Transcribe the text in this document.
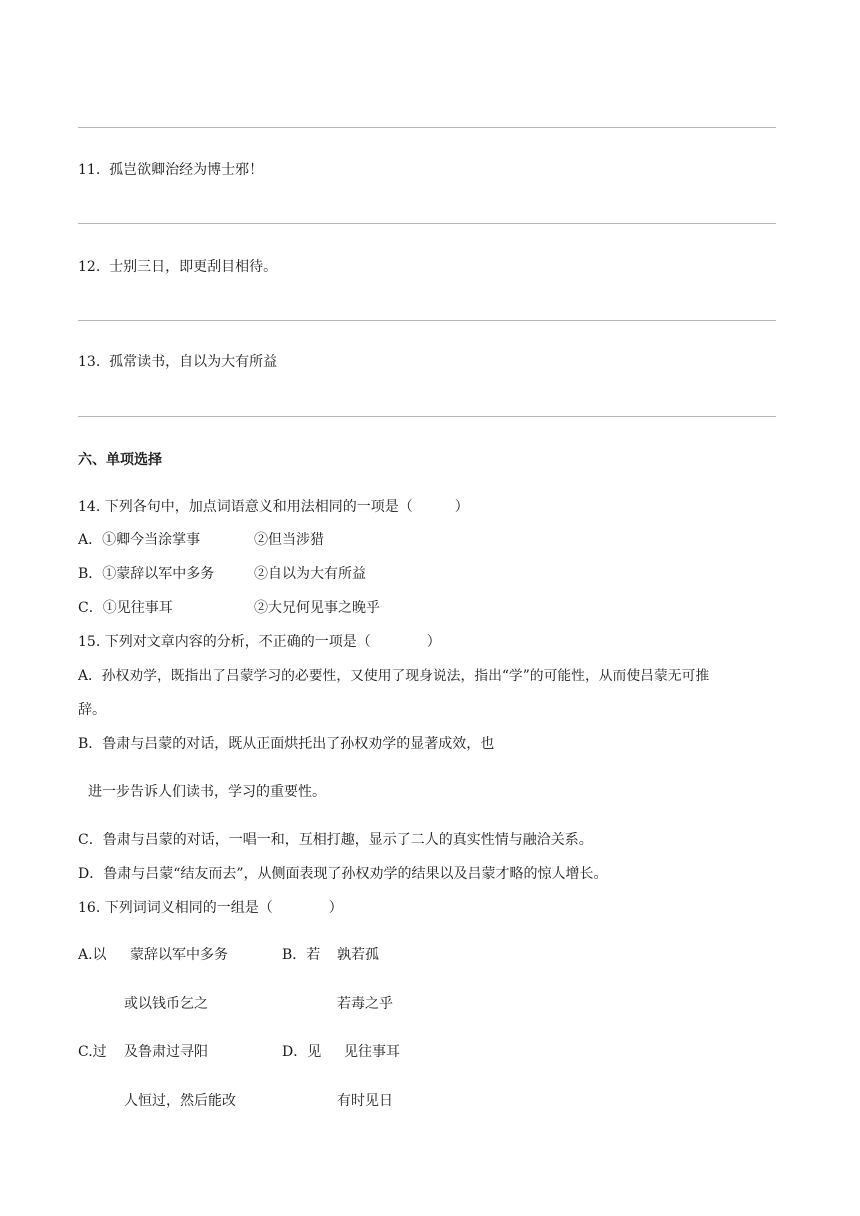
11. 孤岂欲卿治经为博士邪！
12. 士别三日，即更刮目相待。
13. 孤常读书，自以为大有所益
六、单项选择
14. 下列各句中，加点词语意义和用法相同的一项是（　　　）
A．①卿今当涂掌事	②但当涉猎
B．①蒙辞以军中多务	②自以为大有所益
C．①见往事耳	②大兄何见事之晚乎
15. 下列对文章内容的分析，不正确的一项是（　　　　）
A．孙权劝学，既指出了吕蒙学习的必要性，又使用了现身说法，指出“学”的可能性，从而使吕蒙无可推
辞。
B．鲁肃与吕蒙的对话，既从正面烘托出了孙权劝学的显著成效，也
进一步告诉人们读书，学习的重要性。
C．鲁肃与吕蒙的对话，一唱一和，互相打趣，显示了二人的真实性情与融洽关系。
D．鲁肃与吕蒙“结友而去”，从侧面表现了孙权劝学的结果以及吕蒙才略的惊人增长。
16. 下列词词义相同的一组是（　　　　）
A.以 蒙辞以军中多务	B．若 孰若孤
或以钱币乞之	若毒之乎
C.过 及鲁肃过寻阳	D．见 见往事耳
人恒过，然后能改	有时见日
